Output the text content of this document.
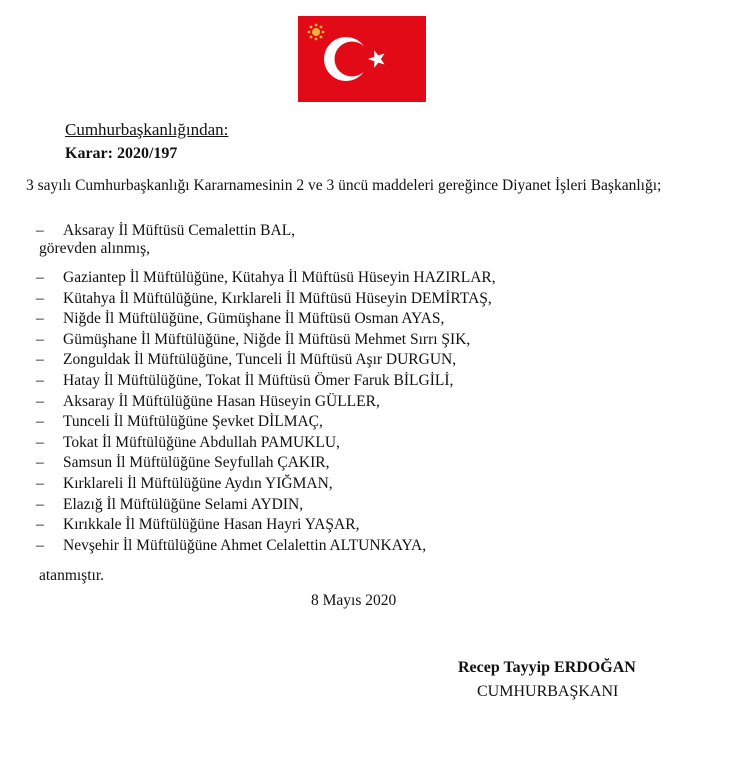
Cumhurbaşkanlığından:
Karar: 2020/197
3 sayılı Cumhurbaşkanlığı Kararnamesinin 2 ve 3 üncü maddeleri gereğince Diyanet İşleri Başkanlığı;
– Aksaray İl Müftüsü Cemalettin BAL,
görevden alınmış,
– Gaziantep İl Müftülüğüne, Kütahya İl Müftüsü Hüseyin HAZIRLAR,
– Kütahya İl Müftülüğüne, Kırklareli İl Müftüsü Hüseyin DEMİRTAŞ,
– Niğde İl Müftülüğüne, Gümüşhane İl Müftüsü Osman AYAS,
– Gümüşhane İl Müftülüğüne, Niğde İl Müftüsü Mehmet Sırrı ŞIK,
– Zonguldak İl Müftülüğüne, Tunceli İl Müftüsü Aşır DURGUN,
– Hatay İl Müftülüğüne, Tokat İl Müftüsü Ömer Faruk BİLGİLİ,
– Aksaray İl Müftülüğüne Hasan Hüseyin GÜLLER,
– Tunceli İl Müftülüğüne Şevket DİLMAÇ,
– Tokat İl Müftülüğüne Abdullah PAMUKLU,
– Samsun İl Müftülüğüne Seyfullah ÇAKIR,
– Kırklareli İl Müftülüğüne Aydın YIĞMAN,
– Elazığ İl Müftülüğüne Selami AYDIN,
– Kırıkkale İl Müftülüğüne Hasan Hayri YAŞAR,
– Nevşehir İl Müftülüğüne Ahmet Celalettin ALTUNKAYA,
atanmıştır.
8 Mayıs 2020
Recep Tayyip ERDOĞAN
CUMHURBAŞKANI
